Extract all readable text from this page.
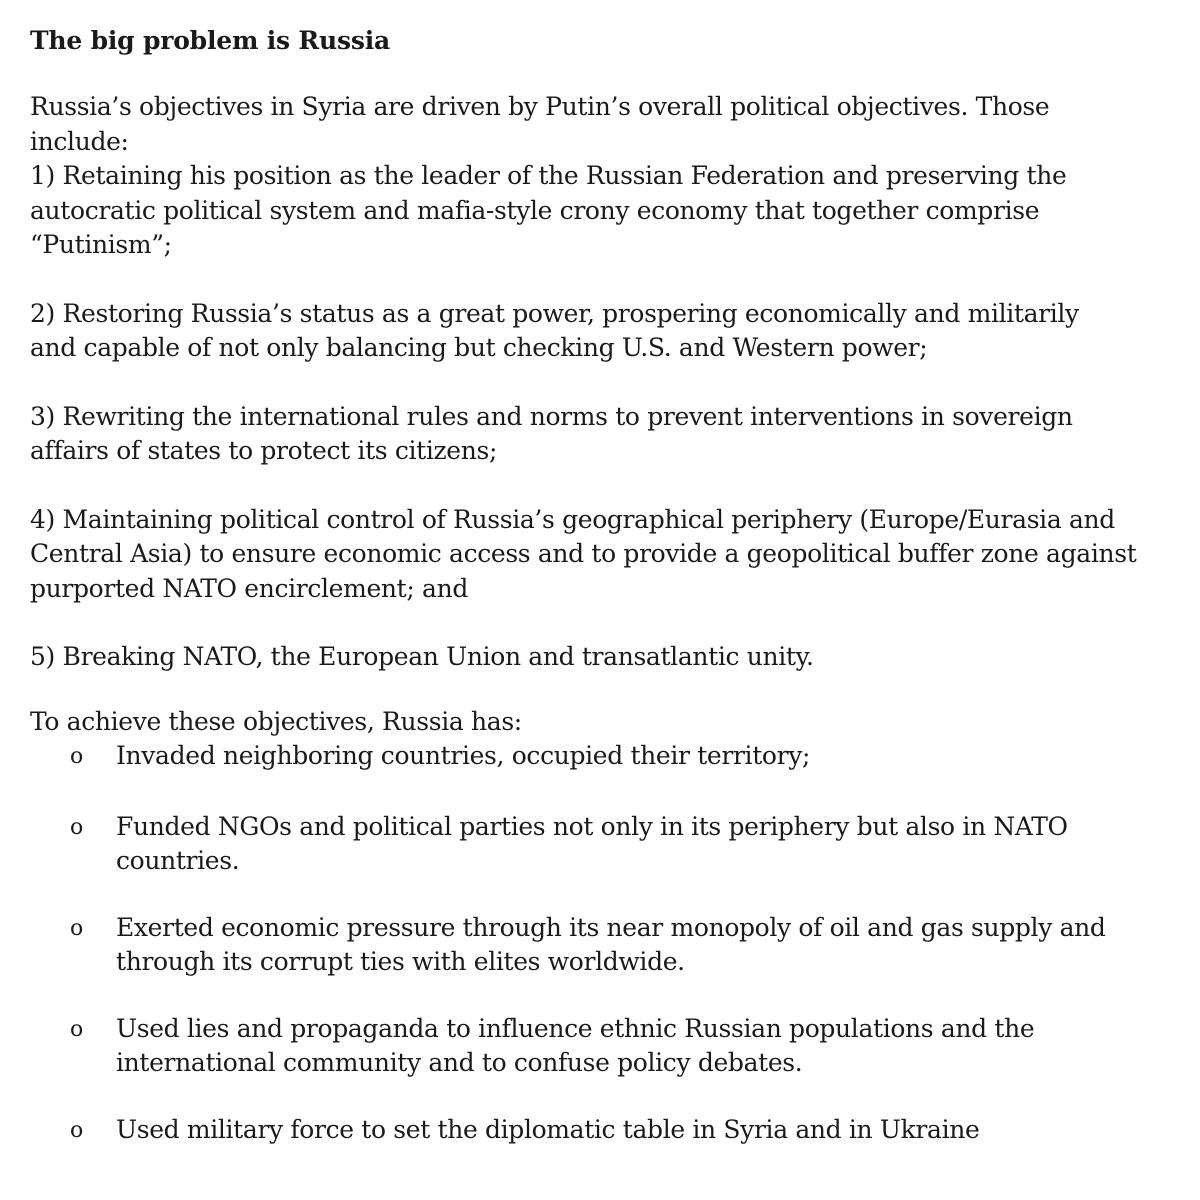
The big problem is Russia

Russia’s objectives in Syria are driven by Putin’s overall political objectives. Those
include:
1) Retaining his position as the leader of the Russian Federation and preserving the
autocratic political system and mafia-style crony economy that together comprise
“Putinism”;

2) Restoring Russia’s status as a great power, prospering economically and militarily
and capable of not only balancing but checking U.S. and Western power;

3) Rewriting the international rules and norms to prevent interventions in sovereign
affairs of states to protect its citizens;

4) Maintaining political control of Russia’s geographical periphery (Europe/Eurasia and
Central Asia) to ensure economic access and to provide a geopolitical buffer zone against
purported NATO encirclement; and

5) Breaking NATO, the European Union and transatlantic unity.

To achieve these objectives, Russia has:

o Invaded neighboring countries, occupied their territory;
o Funded NGOs and political parties not only in its periphery but also in NATO
countries.
o Exerted economic pressure through its near monopoly of oil and gas supply and
through its corrupt ties with elites worldwide.
o Used lies and propaganda to influence ethnic Russian populations and the
international community and to confuse policy debates.
o Used military force to set the diplomatic table in Syria and in Ukraine
